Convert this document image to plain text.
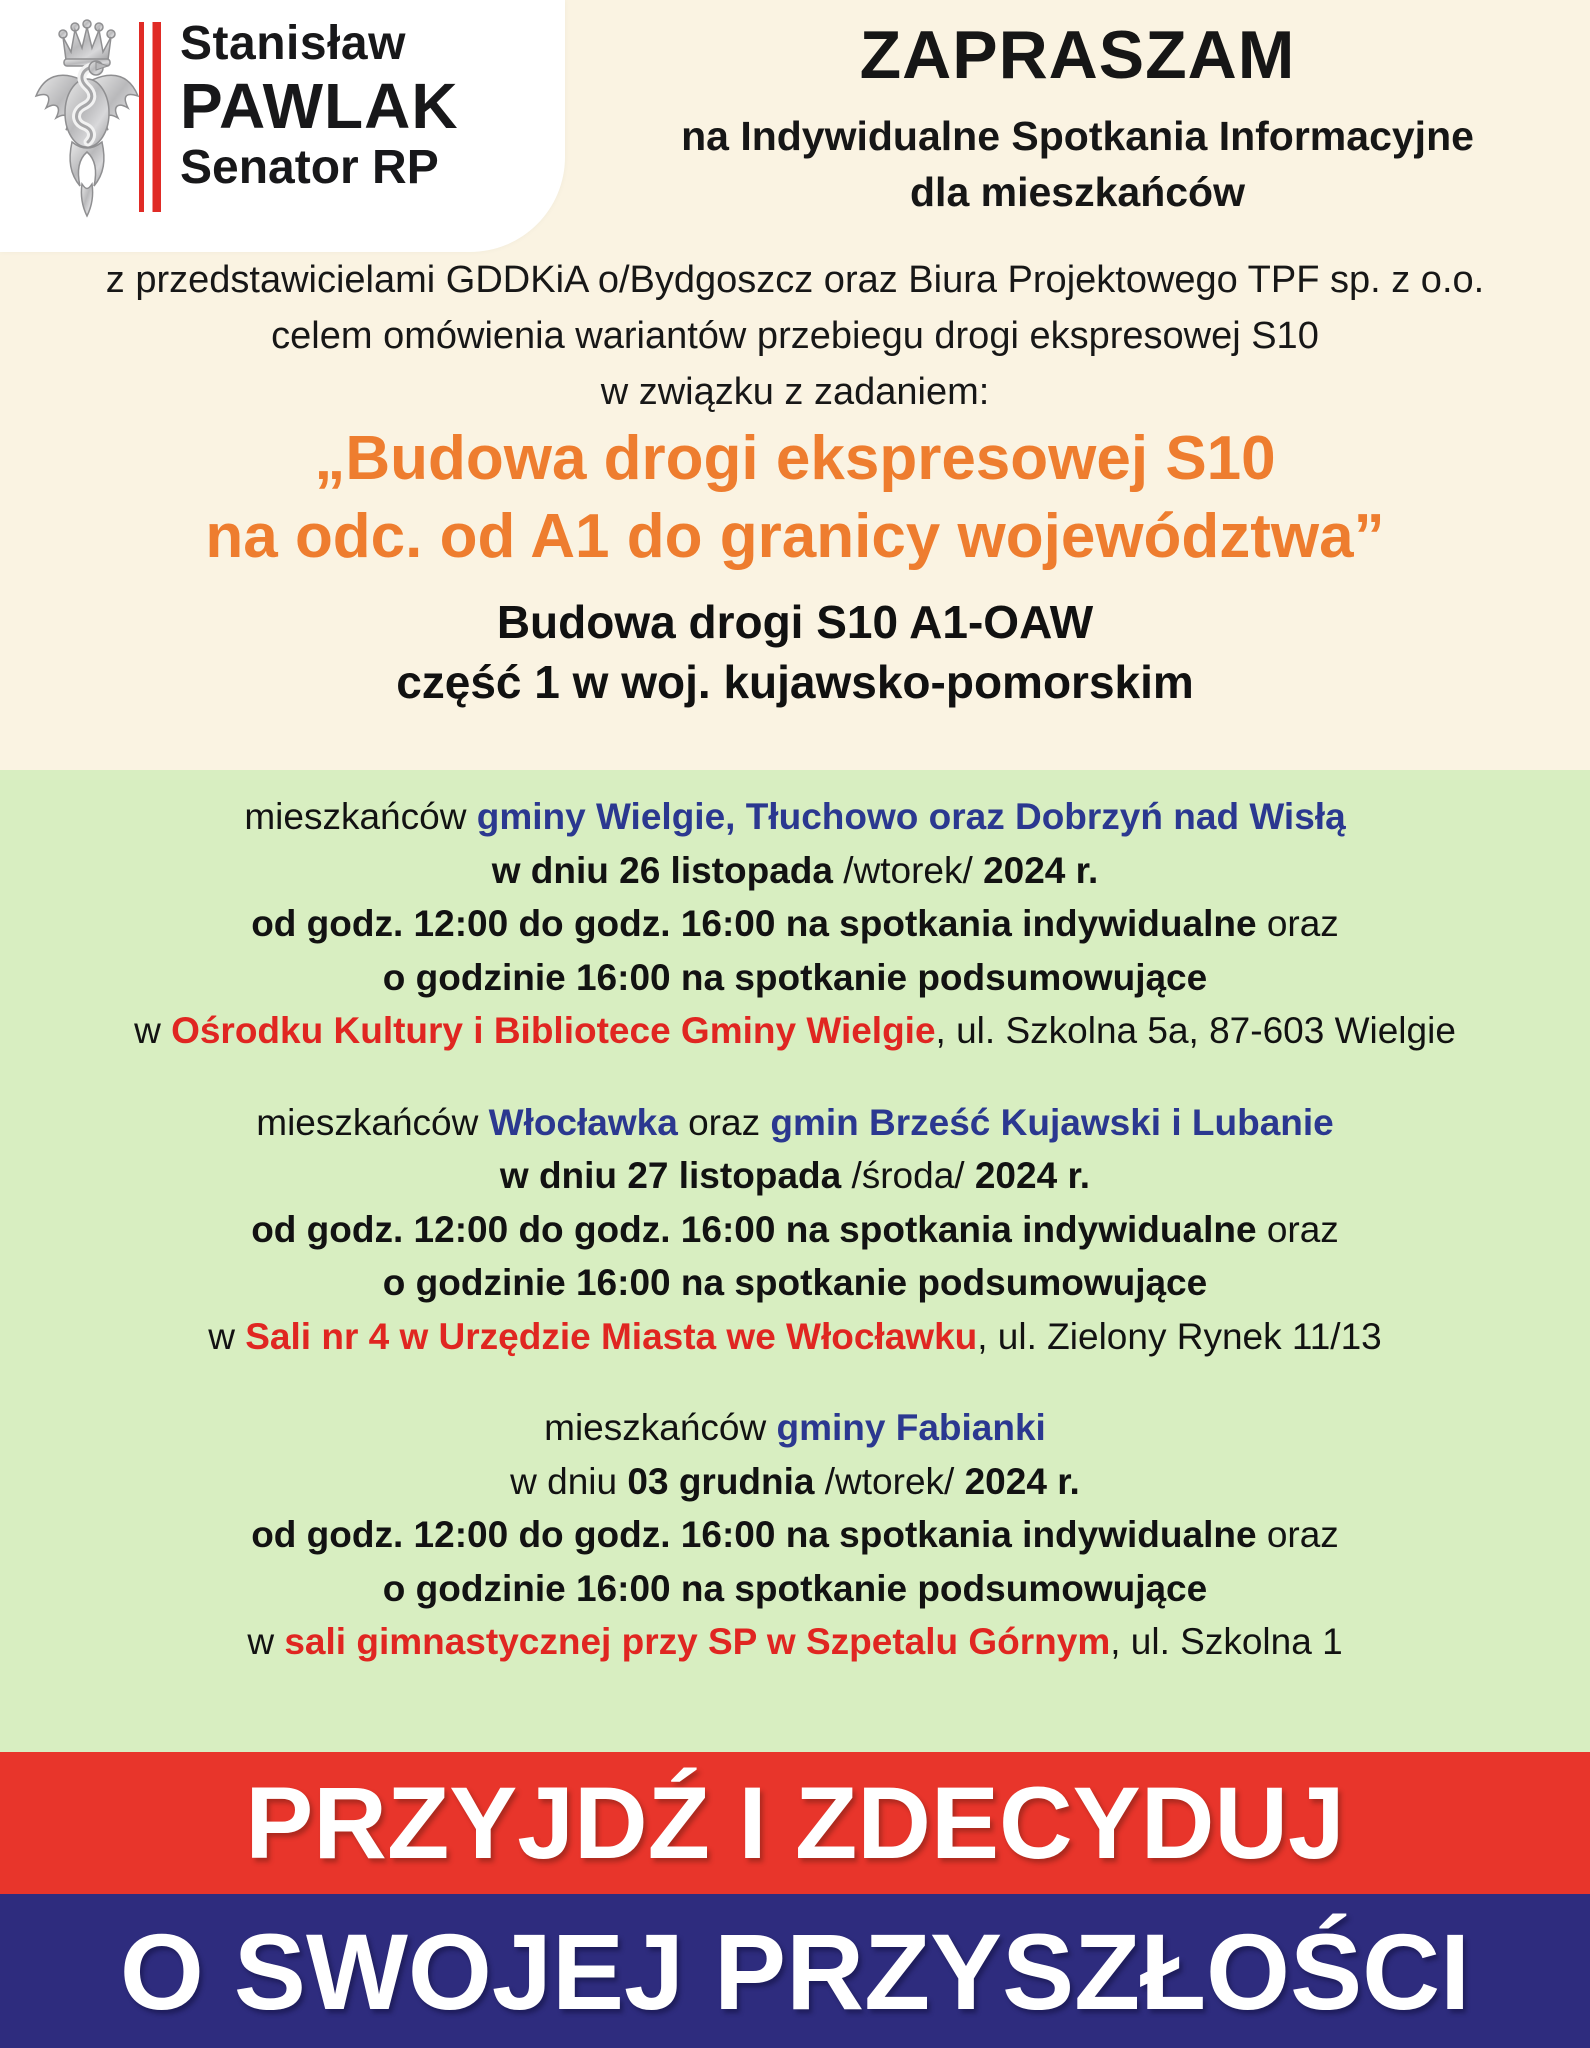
Stanisław
PAWLAK
Senator RP
ZAPRASZAM
na Indywidualne Spotkania Informacyjne
dla mieszkańców
z przedstawicielami GDDKiA o/Bydgoszcz oraz Biura Projektowego TPF sp. z o.o.
celem omówienia wariantów przebiegu drogi ekspresowej S10
w związku z zadaniem:
„Budowa drogi ekspresowej S10
na odc. od A1 do granicy województwa”
Budowa drogi S10 A1-OAW
część 1 w woj. kujawsko-pomorskim
mieszkańców gminy Wielgie, Tłuchowo oraz Dobrzyń nad Wisłą
w dniu 26 listopada /wtorek/ 2024 r.
od godz. 12:00 do godz. 16:00 na spotkania indywidualne oraz
o godzinie 16:00 na spotkanie podsumowujące
w Ośrodku Kultury i Bibliotece Gminy Wielgie, ul. Szkolna 5a, 87-603 Wielgie
mieszkańców Włocławka oraz gmin Brześć Kujawski i Lubanie
w dniu 27 listopada /środa/ 2024 r.
od godz. 12:00 do godz. 16:00 na spotkania indywidualne oraz
o godzinie 16:00 na spotkanie podsumowujące
w Sali nr 4 w Urzędzie Miasta we Włocławku, ul. Zielony Rynek 11/13
mieszkańców gminy Fabianki
w dniu 03 grudnia /wtorek/ 2024 r.
od godz. 12:00 do godz. 16:00 na spotkania indywidualne oraz
o godzinie 16:00 na spotkanie podsumowujące
w sali gimnastycznej przy SP w Szpetalu Górnym, ul. Szkolna 1
PRZYJDŹ I ZDECYDUJ
O SWOJEJ PRZYSZŁOŚCI
